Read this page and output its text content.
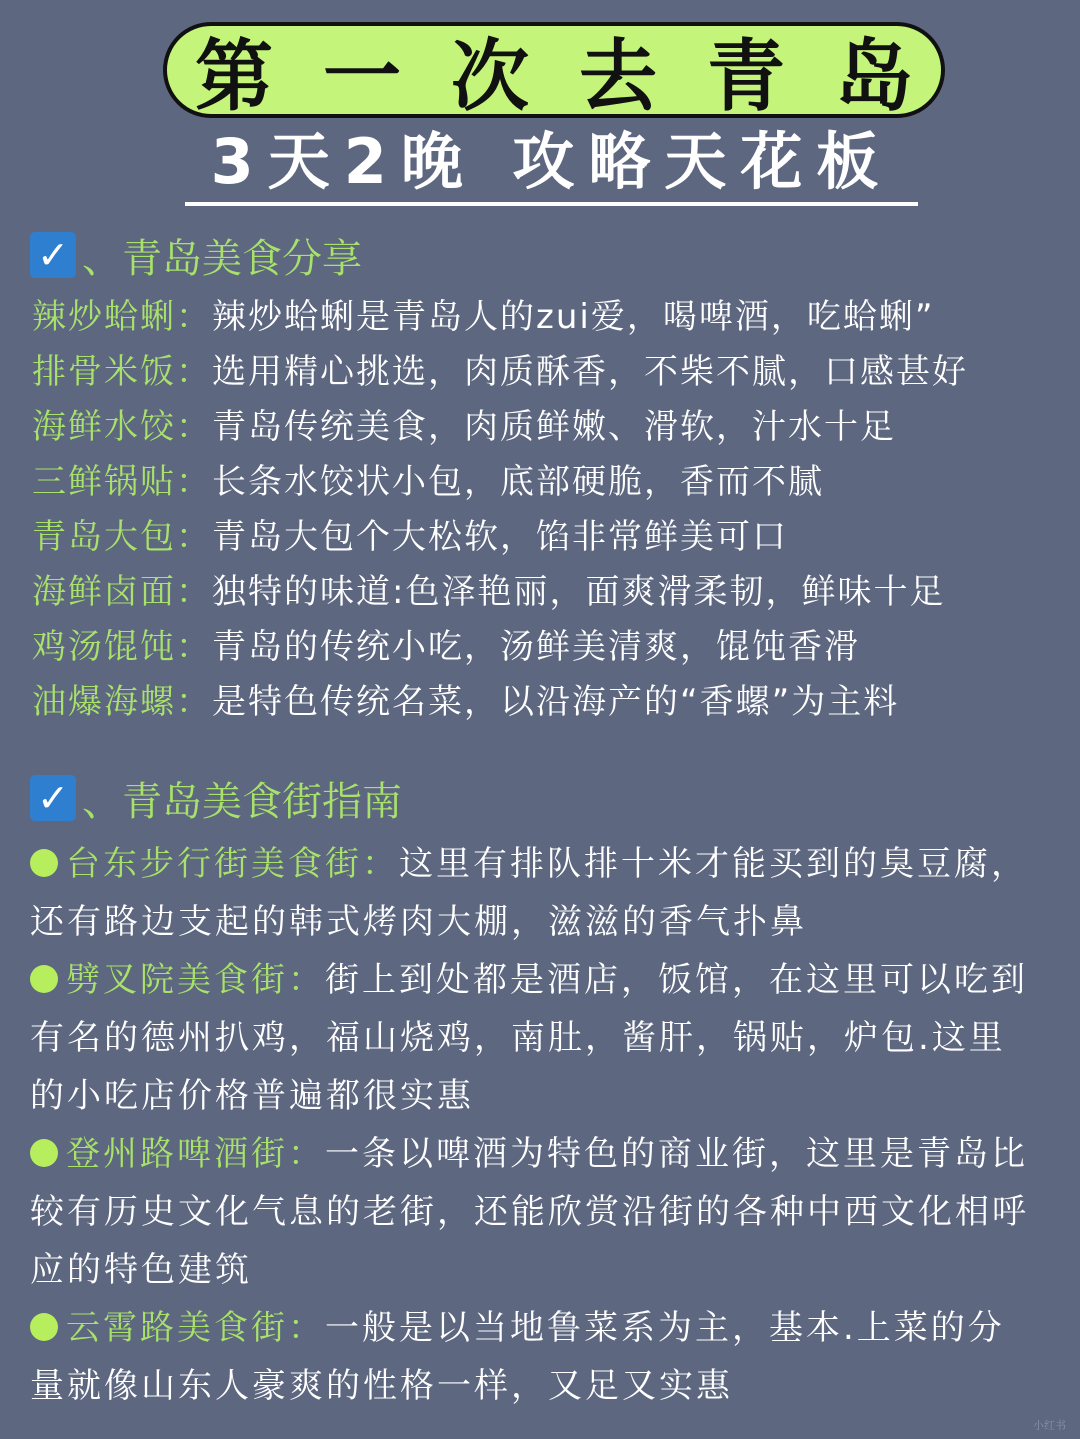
第一次去青岛
3天2晚 攻略天花板
✓ 、青岛美食分享
辣炒蛤蜊：辣炒蛤蜊是青岛人的zui爱，喝啤酒，吃蛤蜊”
排骨米饭：选用精心挑选，肉质酥香，不柴不腻，口感甚好
海鲜水饺：青岛传统美食，肉质鲜嫩、滑软，汁水十足
三鲜锅贴：长条水饺状小包，底部硬脆，香而不腻
青岛大包：青岛大包个大松软，馅非常鲜美可口
海鲜卤面：独特的味道:色泽艳丽，面爽滑柔韧，鲜味十足
鸡汤馄饨：青岛的传统小吃，汤鲜美清爽，馄饨香滑
油爆海螺：是特色传统名菜，以沿海产的“香螺”为主料
✓ 、青岛美食街指南
台东步行街美食街：这里有排队排十米才能买到的臭豆腐，还有路边支起的韩式烤肉大棚，滋滋的香气扑鼻
劈叉院美食街：街上到处都是酒店，饭馆，在这里可以吃到有名的德州扒鸡，福山烧鸡，南肚，酱肝，锅贴，炉包.这里的小吃店价格普遍都很实惠
登州路啤酒街：一条以啤酒为特色的商业街，这里是青岛比较有历史文化气息的老街，还能欣赏沿街的各种中西文化相呼应的特色建筑
云霄路美食街：一般是以当地鲁菜系为主，基本.上菜的分量就像山东人豪爽的性格一样，又足又实惠
小红书
